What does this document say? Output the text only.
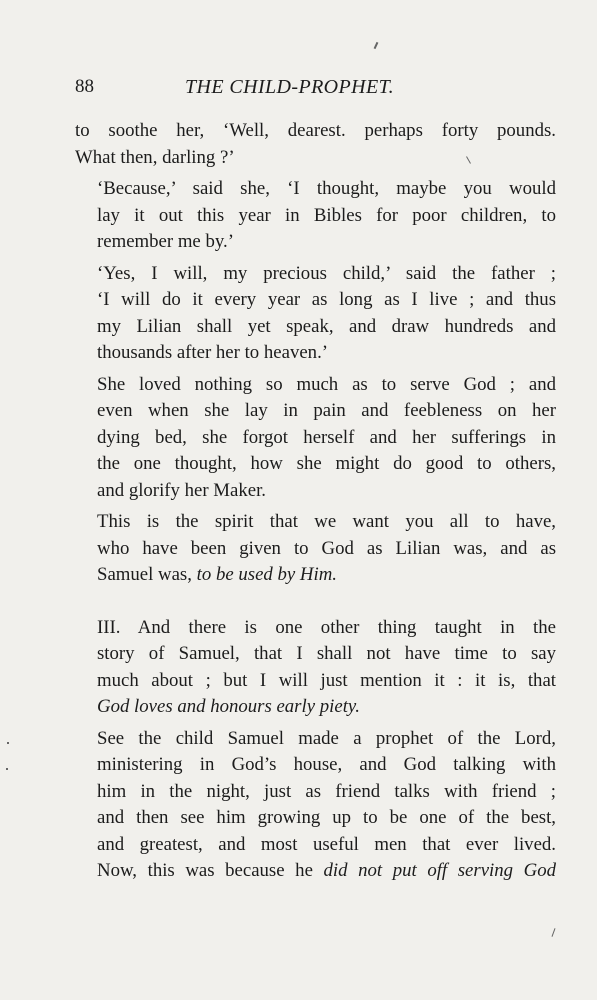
88	THE CHILD-PROPHET.

to soothe her, ‘Well, dearest. perhaps forty pounds.
What then, darling ?’

‘Because,’ said she, ‘I thought, maybe you would
lay it out this year in Bibles for poor children, to
remember me by.’

‘Yes, I will, my precious child,’ said the father ;
‘I will do it every year as long as I live ; and thus
my Lilian shall yet speak, and draw hundreds and
thousands after her to heaven.’

She loved nothing so much as to serve God ; and
even when she lay in pain and feebleness on her
dying bed, she forgot herself and her sufferings in
the one thought, how she might do good to others,
and glorify her Maker.

This is the spirit that we want you all to have,
who have been given to God as Lilian was, and as
Samuel was, to be used by Him.

III. And there is one other thing taught in the
story of Samuel, that I shall not have time to say
much about ; but I will just mention it : it is, that
God loves and honours early piety.

See the child Samuel made a prophet of the Lord,
ministering in God’s house, and God talking with
him in the night, just as friend talks with friend ;
and then see him growing up to be one of the best,
and greatest, and most useful men that ever lived.
Now, this was because he did not put off serving God
